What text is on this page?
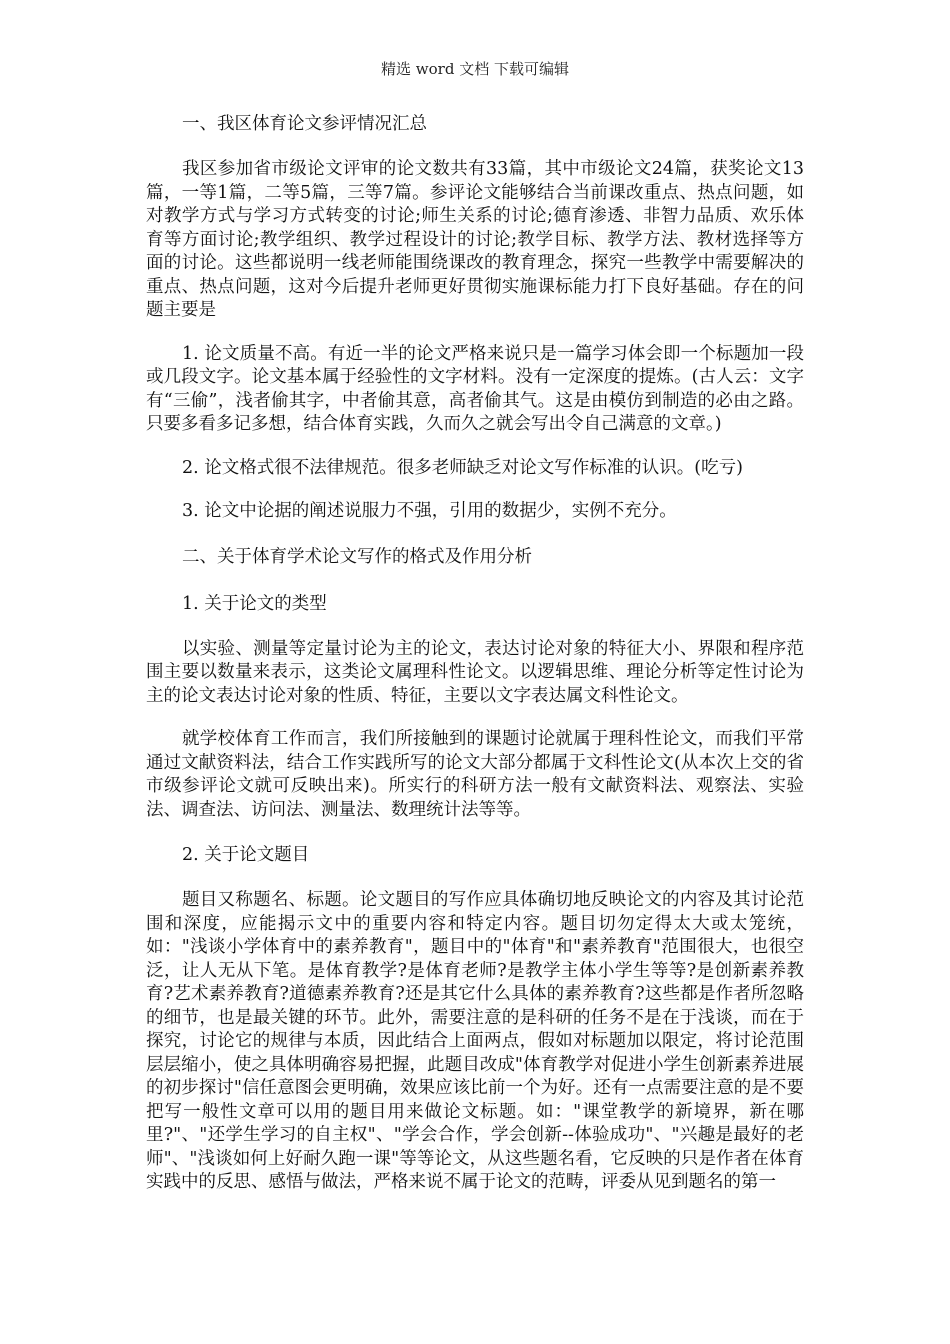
精选 word 文档 下载可编辑

一、我区体育论文参评情况汇总

我区参加省市级论文评审的论文数共有33篇，其中市级论文24篇，获奖论文13篇，一等1篇，二等5篇，三等7篇。参评论文能够结合当前课改重点、热点问题，如对教学方式与学习方式转变的讨论;师生关系的讨论;德育渗透、非智力品质、欢乐体育等方面讨论;教学组织、教学过程设计的讨论;教学目标、教学方法、教材选择等方面的讨论。这些都说明一线老师能围绕课改的教育理念，探究一些教学中需要解决的重点、热点问题，这对今后提升老师更好贯彻实施课标能力打下良好基础。存在的问题主要是

1. 论文质量不高。有近一半的论文严格来说只是一篇学习体会即一个标题加一段或几段文字。论文基本属于经验性的文字材料。没有一定深度的提炼。(古人云：文字有“三偷”，浅者偷其字，中者偷其意，高者偷其气。这是由模仿到制造的必由之路。只要多看多记多想，结合体育实践，久而久之就会写出令自己满意的文章。)

2. 论文格式很不法律规范。很多老师缺乏对论文写作标准的认识。(吃亏)

3. 论文中论据的阐述说服力不强，引用的数据少，实例不充分。

二、关于体育学术论文写作的格式及作用分析

1. 关于论文的类型

以实验、测量等定量讨论为主的论文，表达讨论对象的特征大小、界限和程序范围主要以数量来表示，这类论文属理科性论文。以逻辑思维、理论分析等定性讨论为主的论文表达讨论对象的性质、特征，主要以文字表达属文科性论文。

就学校体育工作而言，我们所接触到的课题讨论就属于理科性论文，而我们平常通过文献资料法，结合工作实践所写的论文大部分都属于文科性论文(从本次上交的省市级参评论文就可反映出来)。所实行的科研方法一般有文献资料法、观察法、实验法、调查法、访问法、测量法、数理统计法等等。

2. 关于论文题目

题目又称题名、标题。论文题目的写作应具体确切地反映论文的内容及其讨论范围和深度，应能揭示文中的重要内容和特定内容。题目切勿定得太大或太笼统，如："浅谈小学体育中的素养教育"，题目中的"体育"和"素养教育"范围很大，也很空泛，让人无从下笔。是体育教学?是体育老师?是教学主体小学生等等?是创新素养教育?艺术素养教育?道德素养教育?还是其它什么具体的素养教育?这些都是作者所忽略的细节，也是最关键的环节。此外，需要注意的是科研的任务不是在于浅谈，而在于探究，讨论它的规律与本质，因此结合上面两点，假如对标题加以限定，将讨论范围层层缩小，使之具体明确容易把握，此题目改成"体育教学对促进小学生创新素养进展的初步探讨"信任意图会更明确，效果应该比前一个为好。还有一点需要注意的是不要把写一般性文章可以用的题目用来做论文标题。如："课堂教学的新境界，新在哪里?"、"还学生学习的自主权"、"学会合作，学会创新--体验成功"、"兴趣是最好的老师"、"浅谈如何上好耐久跑一课"等等论文，从这些题名看，它反映的只是作者在体育实践中的反思、感悟与做法，严格来说不属于论文的范畴，评委从见到题名的第一
